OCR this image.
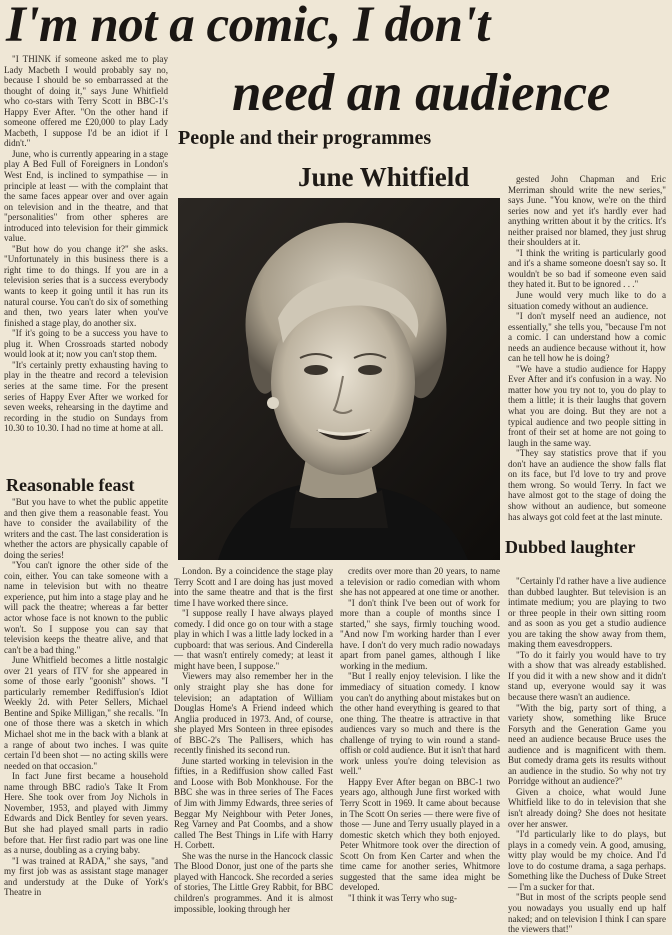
I'm not a comic, I don't
need an audience
People and their programmes
June Whitfield

"I THINK if someone asked me to play Lady Macbeth I would probably say no, because I should be so embarrassed at the thought of doing it," says June Whitfield who co-stars with Terry Scott in BBC-1's Happy Ever After. "On the other hand if someone offered me £20,000 to play Lady Macbeth, I suppose I'd be an idiot if I didn't."

June, who is currently appearing in a stage play A Bed Full of Foreigners in London's West End, is inclined to sympathise — in principle at least — with the complaint that the same faces appear over and over again on television and in the theatre, and that "personalities" from other spheres are introduced into television for their gimmick value.

"But how do you change it?" she asks. "Unfortunately in this business there is a right time to do things. If you are in a television series that is a success everybody wants to keep it going until it has run its natural course. You can't do six of something and then, two years later when you've finished a stage play, do another six.

"If it's going to be a success you have to plug it. When Crossroads started nobody would look at it; now you can't stop them.

"It's certainly pretty exhausting having to play in the theatre and record a television series at the same time. For the present series of Happy Ever After we worked for seven weeks, rehearsing in the daytime and recording in the studio on Sundays from 10.30 to 10.30. I had no time at home at all.

Reasonable feast

"But you have to whet the public appetite and then give them a reasonable feast. You have to consider the availability of the writers and the cast. The last consideration is whether the actors are physically capable of doing the series!

"You can't ignore the other side of the coin, either. You can take someone with a name in television but with no theatre experience, put him into a stage play and he will pack the theatre; whereas a far better actor whose face is not known to the public won't. So I suppose you can say that television keeps the theatre alive, and that can't be a bad thing."

June Whitfield becomes a little nostalgic over 21 years of ITV for she appeared in some of those early "goonish" shows. "I particularly remember Rediffusion's Idiot Weekly 2d. with Peter Sellers, Michael Bentine and Spike Milligan," she recalls. "In one of those there was a sketch in which Michael shot me in the back with a blank at a range of about two inches. I was quite certain I'd been shot — no acting skills were needed on that occasion."

In fact June first became a household name through BBC radio's Take It From Here. She took over from Joy Nichols in November, 1953, and played with Jimmy Edwards and Dick Bentley for seven years. But she had played small parts in radio before that. Her first radio part was one line as a nurse, doubling as a crying baby.

"I was trained at RADA," she says, "and my first job was as assistant stage manager and understudy at the Duke of York's Theatre in

London. By a coincidence the stage play Terry Scott and I are doing has just moved into the same theatre and that is the first time I have worked there since.

"I suppose really I have always played comedy. I did once go on tour with a stage play in which I was a little lady locked in a cupboard: that was serious. And Cinderella — that wasn't entirely comedy; at least it might have been, I suppose."

Viewers may also remember her in the only straight play she has done for television; an adaptation of William Douglas Home's A Friend indeed which Anglia produced in 1973. And, of course, she played Mrs Sonteen in three episodes of BBC-2's The Pallisers, which has recently finished its second run.

June started working in television in the fifties, in a Rediffusion show called Fast and Loose with Bob Monkhouse. For the BBC she was in three series of The Faces of Jim with Jimmy Edwards, three series of Beggar My Neighbour with Peter Jones, Reg Varney and Pat Coombs, and a show called The Best Things in Life with Harry H. Corbett.

She was the nurse in the Hancock classic The Blood Donor, just one of the parts she played with Hancock. She recorded a series of stories, The Little Grey Rabbit, for BBC children's programmes. And it is almost impossible, looking through her

credits over more than 20 years, to name a television or radio comedian with whom she has not appeared at one time or another.

"I don't think I've been out of work for more than a couple of months since I started," she says, firmly touching wood. "And now I'm working harder than I ever have. I don't do very much radio nowadays apart from panel games, although I like working in the medium.

"But I really enjoy television. I like the immediacy of situation comedy. I know you can't do anything about mistakes but on the other hand everything is geared to that one thing. The theatre is attractive in that audiences vary so much and there is the challenge of trying to win round a stand-offish or cold audience. But it isn't that hard work unless you're doing television as well."

Happy Ever After began on BBC-1 two years ago, although June first worked with Terry Scott in 1969. It came about because in The Scott On series — there were five of those — June and Terry usually played in a domestic sketch which they both enjoyed. Peter Whitmore took over the direction of Scott On from Ken Carter and when the time came for another series, Whitmore suggested that the same idea might be developed.

"I think it was Terry who sug-

gested John Chapman and Eric Merriman should write the new series," says June. "You know, we're on the third series now and yet it's hardly ever had anything written about it by the critics. It's neither praised nor blamed, they just shrug their shoulders at it.

"I think the writing is particularly good and it's a shame someone doesn't say so. It wouldn't be so bad if someone even said they hated it. But to be ignored . . ."

June would very much like to do a situation comedy without an audience.

"I don't myself need an audience, not essentially," she tells you, "because I'm not a comic. I can understand how a comic needs an audience because without it, how can he tell how he is doing?

"We have a studio audience for Happy Ever After and it's confusion in a way. No matter how you try not to, you do play to them a little; it is their laughs that govern what you are doing. But they are not a typical audience and two people sitting in front of their set at home are not going to laugh in the same way.

"They say statistics prove that if you don't have an audience the show falls flat on its face, but I'd love to try and prove them wrong. So would Terry. In fact we have almost got to the stage of doing the show without an audience, but someone has always got cold feet at the last minute.

Dubbed laughter

"Certainly I'd rather have a live audience than dubbed laughter. But television is an intimate medium; you are playing to two or three people in their own sitting room and as soon as you get a studio audience you are taking the show away from them, making them eavesdroppers.

"To do it fairly you would have to try with a show that was already established. If you did it with a new show and it didn't stand up, everyone would say it was because there wasn't an audience.

"With the big, party sort of thing, a variety show, something like Bruce Forsyth and the Generation Game you need an audience because Bruce uses the audience and is magnificent with them. But comedy drama gets its results without an audience in the studio. So why not try Porridge without an audience?"

Given a choice, what would June Whitfield like to do in television that she isn't already doing? She does not hesitate over her answer.

"I'd particularly like to do plays, but plays in a comedy vein. A good, amusing, witty play would be my choice. And I'd love to do costume drama, a saga perhaps. Something like the Duchess of Duke Street — I'm a sucker for that.

"But in most of the scripts people send you nowadays you usually end up half naked; and on television I think I can spare the viewers that!"
